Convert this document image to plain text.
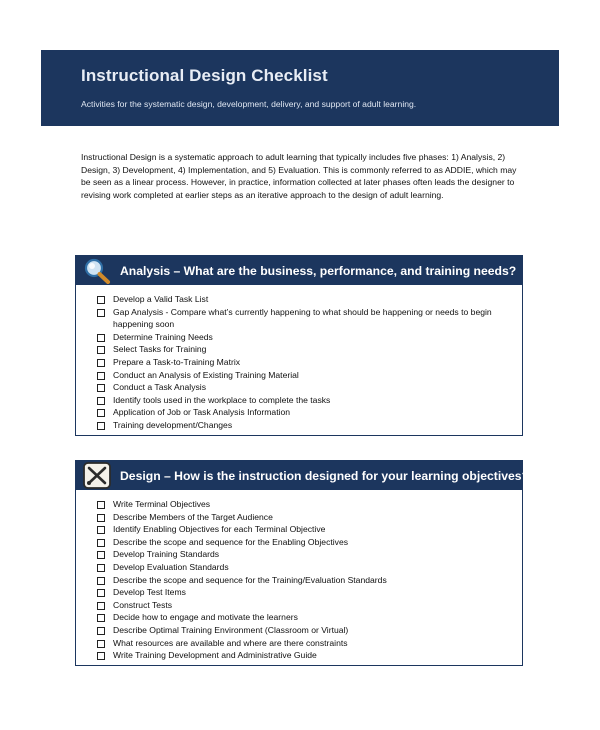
Instructional Design Checklist
Activities for the systematic design, development, delivery, and support of adult learning.
Instructional Design is a systematic approach to adult learning that typically includes five phases: 1) Analysis, 2) Design, 3) Development, 4) Implementation, and 5) Evaluation. This is commonly referred to as ADDIE, which may be seen as a linear process. However, in practice, information collected at later phases often leads the designer to revising work completed at earlier steps as an iterative approach to the design of adult learning.
Analysis – What are the business, performance, and training needs?
Develop a Valid Task List
Gap Analysis - Compare what’s currently happening to what should be happening or needs to begin happening soon
Determine Training Needs
Select Tasks for Training
Prepare a Task-to-Training Matrix
Conduct an Analysis of Existing Training Material
Conduct a Task Analysis
Identify tools used in the workplace to complete the tasks
Application of Job or Task Analysis Information
Training development/Changes
Design – How is the instruction designed for your learning objectives?
Write Terminal Objectives
Describe Members of the Target Audience
Identify Enabling Objectives for each Terminal Objective
Describe the scope and sequence for the Enabling Objectives
Develop Training Standards
Develop Evaluation Standards
Describe the scope and sequence for the Training/Evaluation Standards
Develop Test Items
Construct Tests
Decide how to engage and motivate the learners
Describe Optimal Training Environment (Classroom or Virtual)
What resources are available and where are there constraints
Write Training Development and Administrative Guide
